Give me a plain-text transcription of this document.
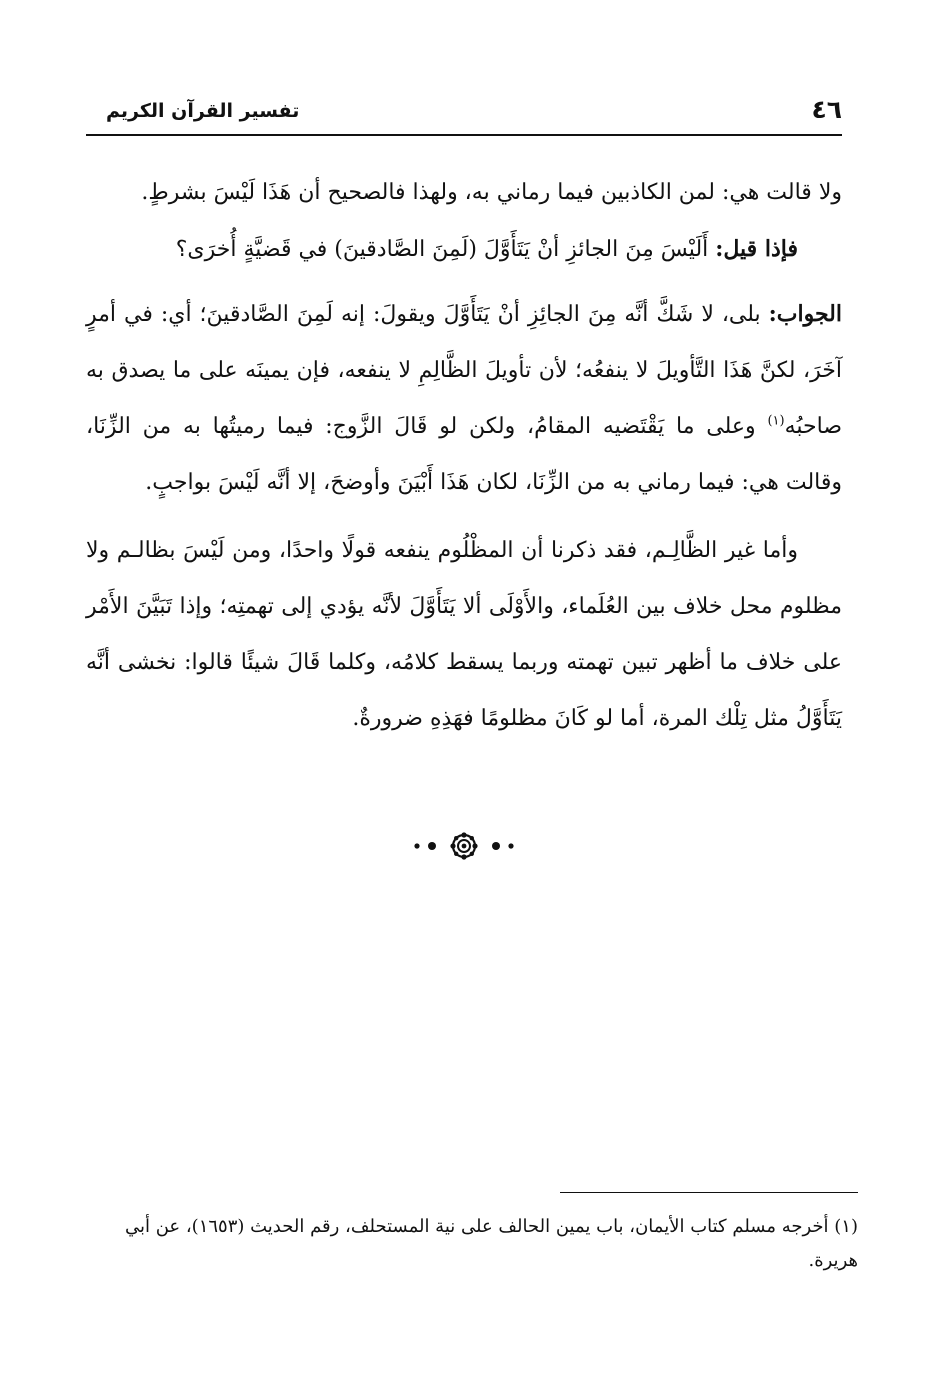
٤٦
تفسير القرآن الكريم

ولا قالت هي: لمن الكاذبين فيما رماني به، ولهذا فالصحيح أن هَذَا لَيْسَ بشرطٍ.

فإذا قيل: أَلَيْسَ مِنَ الجائزِ أنْ يَتَأَوَّلَ (لَمِنَ الصَّادقينَ) في قَضيَّةٍ أُخرَى؟

الجواب: بلى، لا شَكَّ أنَّه مِنَ الجائِزِ أنْ يَتَأَوَّلَ ويقولَ: إنه لَمِنَ الصَّادقينَ؛ أي: في أمرٍ آخَرَ، لكنَّ هَذَا التَّأويلَ لا ينفعُه؛ لأن تأويلَ الظَّالِمِ لا ينفعه، فإن يمينَه على ما يصدق به صاحبُه$^{(١)}$ وعلى ما يَقْتَضيه المقامُ، ولكن لو قَالَ الزَّوج: فيما رميتُها به من الزِّنَا، وقالت هي: فيما رماني به من الزِّنَا، لكان هَذَا أَبْيَنَ وأوضحَ، إلا أنَّه لَيْسَ بواجبٍ.

وأما غير الظَّالِـم، فقد ذكرنا أن المظْلُوم ينفعه قولًا واحدًا، ومن لَيْسَ بظالـم ولا مظلوم محل خلاف بين العُلَماء، والأَوْلَى ألا يَتَأَوَّلَ لأنَّه يؤدي إلى تهمتِه؛ وإذا تَبَيَّنَ الأَمْر على خلاف ما أظهر تبين تهمته وربما يسقط كلامُه، وكلما قَالَ شيئًا قالوا: نخشى أنَّه يَتَأَوَّلُ مثل تِلْك المرة، أما لو كَانَ مظلومًا فهَذِهِ ضرورةٌ.

(١) أخرجه مسلم كتاب الأيمان، باب يمين الحالف على نية المستحلف، رقم الحديث (١٦٥٣)، عن أبي هريرة.
